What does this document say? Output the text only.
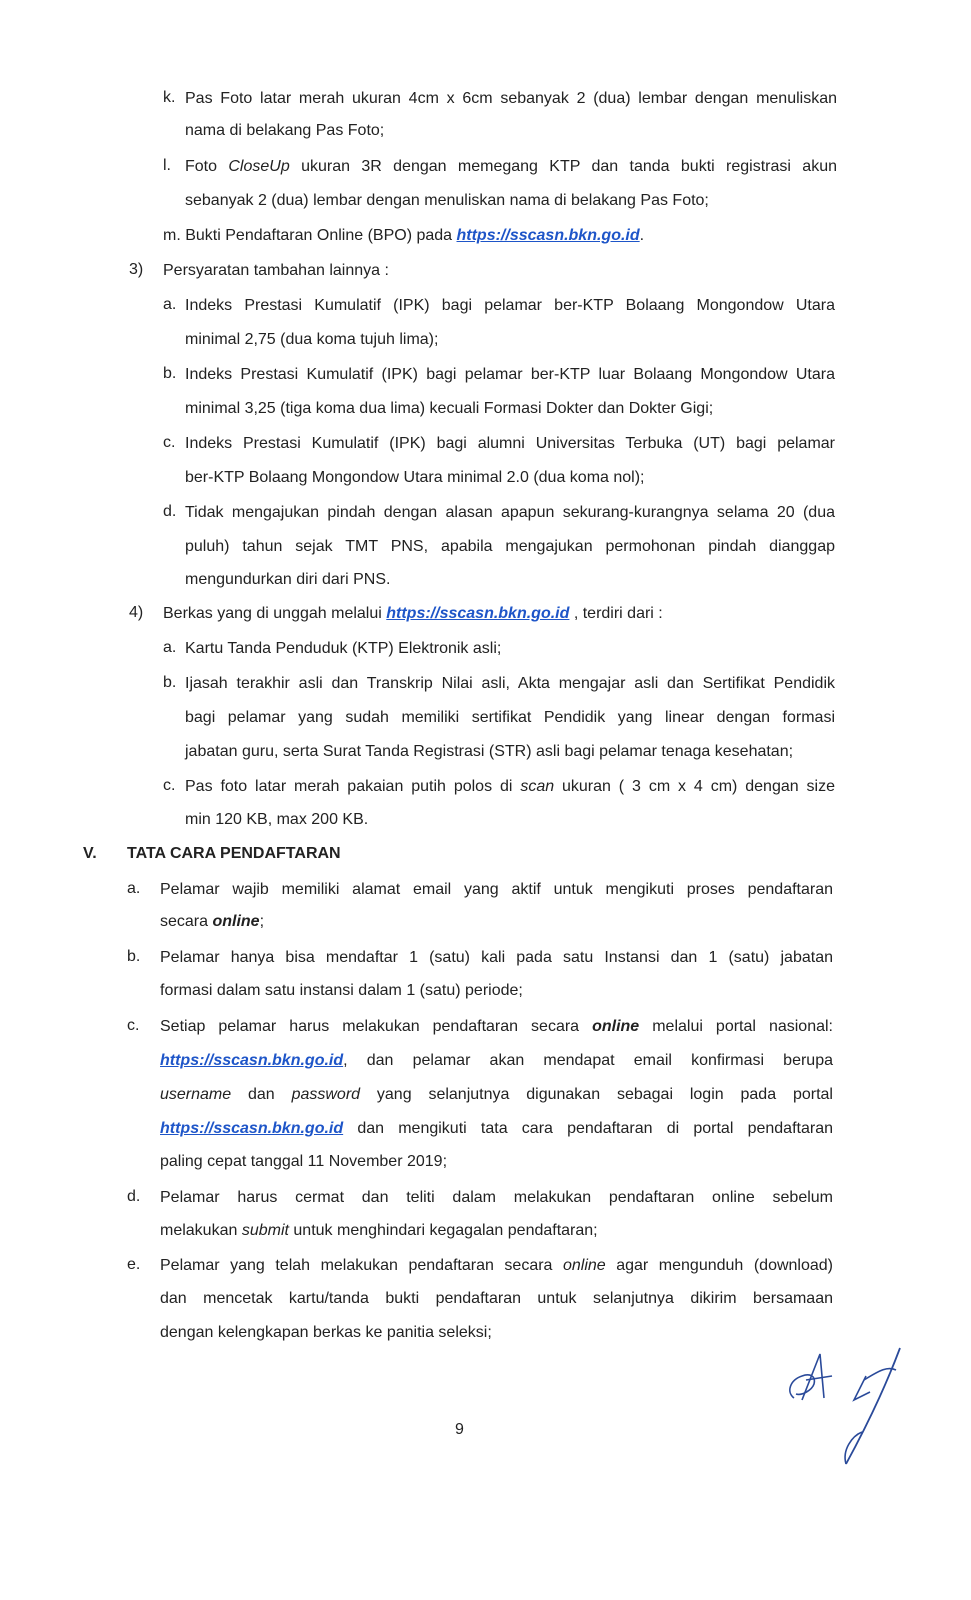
k. Pas Foto latar merah ukuran 4cm x 6cm sebanyak 2 (dua) lembar dengan menuliskan
nama di belakang Pas Foto;
l. Foto CloseUp ukuran 3R dengan memegang KTP dan tanda bukti registrasi akun
sebanyak 2 (dua) lembar dengan menuliskan nama di belakang Pas Foto;
m. Bukti Pendaftaran Online (BPO) pada https://sscasn.bkn.go.id.
3) Persyaratan tambahan lainnya :
a. Indeks Prestasi Kumulatif (IPK) bagi pelamar ber-KTP Bolaang Mongondow Utara
minimal 2,75 (dua koma tujuh lima);
b. Indeks Prestasi Kumulatif (IPK) bagi pelamar ber-KTP luar Bolaang Mongondow Utara
minimal 3,25 (tiga koma dua lima) kecuali Formasi Dokter dan Dokter Gigi;
c. Indeks Prestasi Kumulatif (IPK) bagi alumni Universitas Terbuka (UT) bagi pelamar
ber-KTP Bolaang Mongondow Utara minimal 2.0 (dua koma nol);
d. Tidak mengajukan pindah dengan alasan apapun sekurang-kurangnya selama 20 (dua
puluh) tahun sejak TMT PNS, apabila mengajukan permohonan pindah dianggap
mengundurkan diri dari PNS.
4) Berkas yang di unggah melalui https://sscasn.bkn.go.id , terdiri dari :
a. Kartu Tanda Penduduk (KTP) Elektronik asli;
b. Ijasah terakhir asli dan Transkrip Nilai asli, Akta mengajar asli dan Sertifikat Pendidik
bagi pelamar yang sudah memiliki sertifikat Pendidik yang linear dengan formasi
jabatan guru, serta Surat Tanda Registrasi (STR) asli bagi pelamar tenaga kesehatan;
c. Pas foto latar merah pakaian putih polos di scan ukuran ( 3 cm x 4 cm) dengan size
min 120 KB, max 200 KB.
V. TATA CARA PENDAFTARAN
a. Pelamar wajib memiliki alamat email yang aktif untuk mengikuti proses pendaftaran
secara online;
b. Pelamar hanya bisa mendaftar 1 (satu) kali pada satu Instansi dan 1 (satu) jabatan
formasi dalam satu instansi dalam 1 (satu) periode;
c. Setiap pelamar harus melakukan pendaftaran secara online melalui portal nasional:
https://sscasn.bkn.go.id, dan pelamar akan mendapat email konfirmasi berupa
username dan password yang selanjutnya digunakan sebagai login pada portal
https://sscasn.bkn.go.id dan mengikuti tata cara pendaftaran di portal pendaftaran
paling cepat tanggal 11 November 2019;
d. Pelamar harus cermat dan teliti dalam melakukan pendaftaran online sebelum
melakukan submit untuk menghindari kegagalan pendaftaran;
e. Pelamar yang telah melakukan pendaftaran secara online agar mengunduh (download)
dan mencetak kartu/tanda bukti pendaftaran untuk selanjutnya dikirim bersamaan
dengan kelengkapan berkas ke panitia seleksi;
9
